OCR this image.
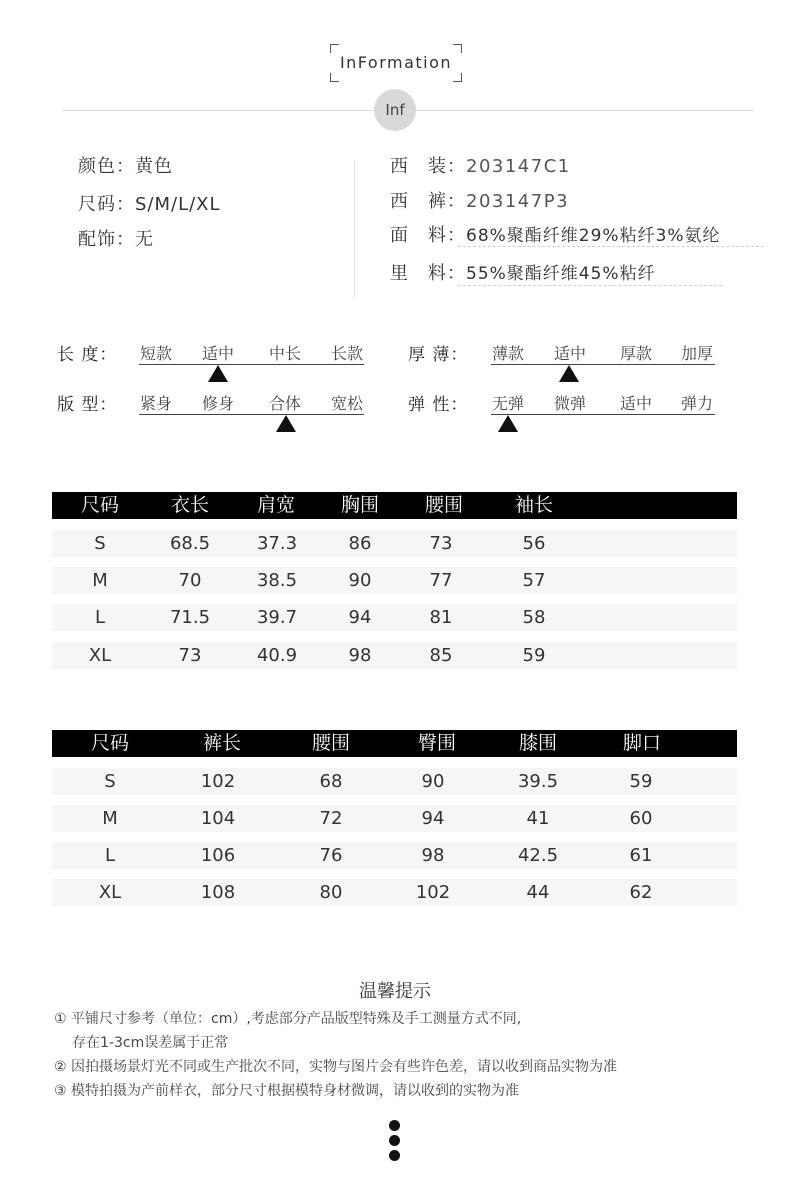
InFormation
Inf
颜色：黄色
尺码：S/M/L/XL
配饰：无
西　装：203147C1
西　裤：203147P3
面　料：68%聚酯纤维29%粘纤3%氨纶
里　料：55%聚酯纤维45%粘纤
长 度： 短款 适中 中长 长款	厚 薄： 薄款 适中 厚款 加厚
版 型： 紧身 修身 合体 宽松	弹 性： 无弹 微弹 适中 弹力
尺码	衣长	肩宽	胸围	腰围	袖长
S	68.5	37.3	86	73	56
M	70	38.5	90	77	57
L	71.5	39.7	94	81	58
XL	73	40.9	98	85	59
尺码	裤长	腰围	臀围	膝围	脚口
S	102	68	90	39.5	59
M	104	72	94	41	60
L	106	76	98	42.5	61
XL	108	80	102	44	62
温馨提示
① 平铺尺寸参考（单位：cm）,考虑部分产品版型特殊及手工测量方式不同,
存在1-3cm误差属于正常
② 因拍摄场景灯光不同或生产批次不同，实物与图片会有些许色差，请以收到商品实物为准
③ 模特拍摄为产前样衣，部分尺寸根据模特身材微调，请以收到的实物为准
